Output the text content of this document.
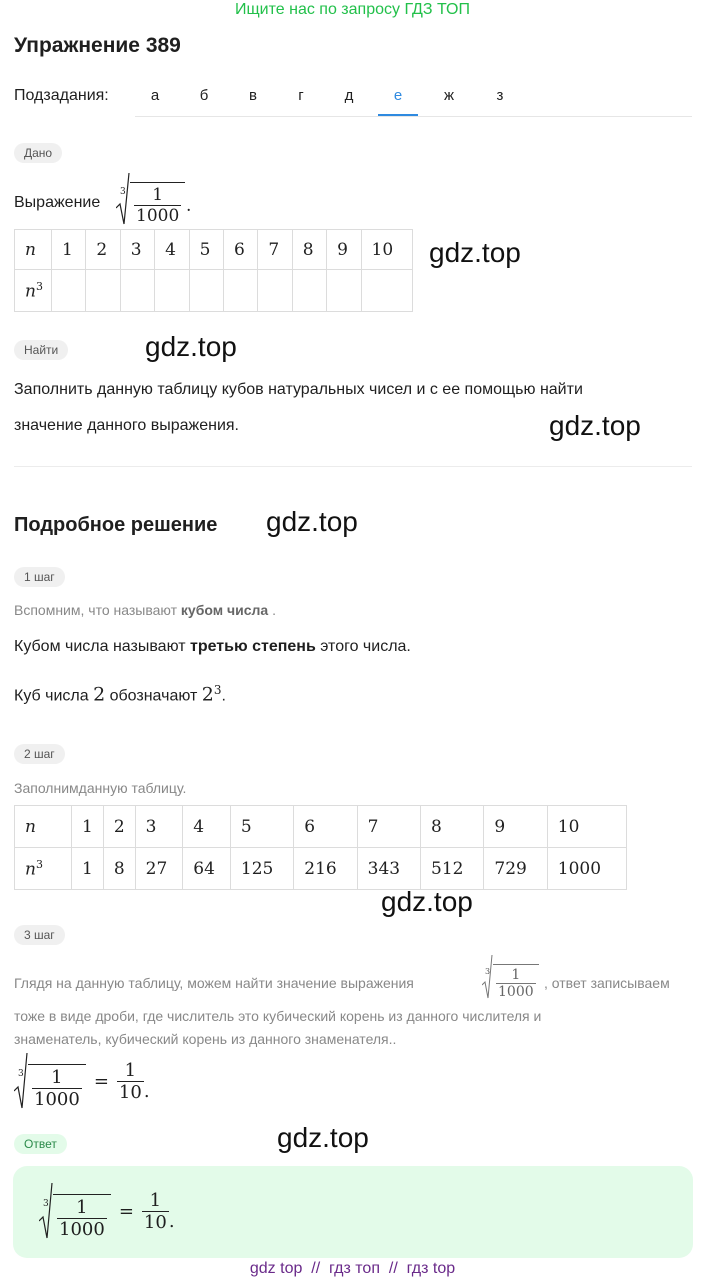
Ищите нас по запросу ГДЗ ТОП
Упражнение 389
Подзадания:	а	б	в	г	д	е	ж	з
Дано
Выражение
$3 \frac{1}{1000}$ .
n	1	2	3	4	5	6	7	8	9	10
$n^3$										
gdz.top
Найти	gdz.top
Заполнить данную таблицу кубов натуральных чисел и с ее помощью найти
значение данного выражения.	gdz.top
Подробное решение gdz.top
1 шаг
Вспомним, что называют кубом числа .
Кубом числа называют третью степень этого числа.
Куб числа 2 обозначают $2^3$.
2 шаг
Заполнимданную таблицу.
n	1	2	3	4	5	6	7	8	9	10
$n^3$	1	8	27	64	125	216	343	512	729	1000
gdz.top
3 шаг
Глядя на данную таблицу, можем найти значение выражения
$3 \frac{1}{1000}$ , ответ записываем
тоже в виде дроби, где числитель это кубический корень из данного числителя и
знаменатель, кубический корень из данного знаменателя..
$3 \frac{1}{1000} = \frac{1}{10}$ .
Ответ	gdz.top
$3 \frac{1}{1000} = \frac{1}{10}$ .
gdz top  //  гдз топ  //  гдз top
